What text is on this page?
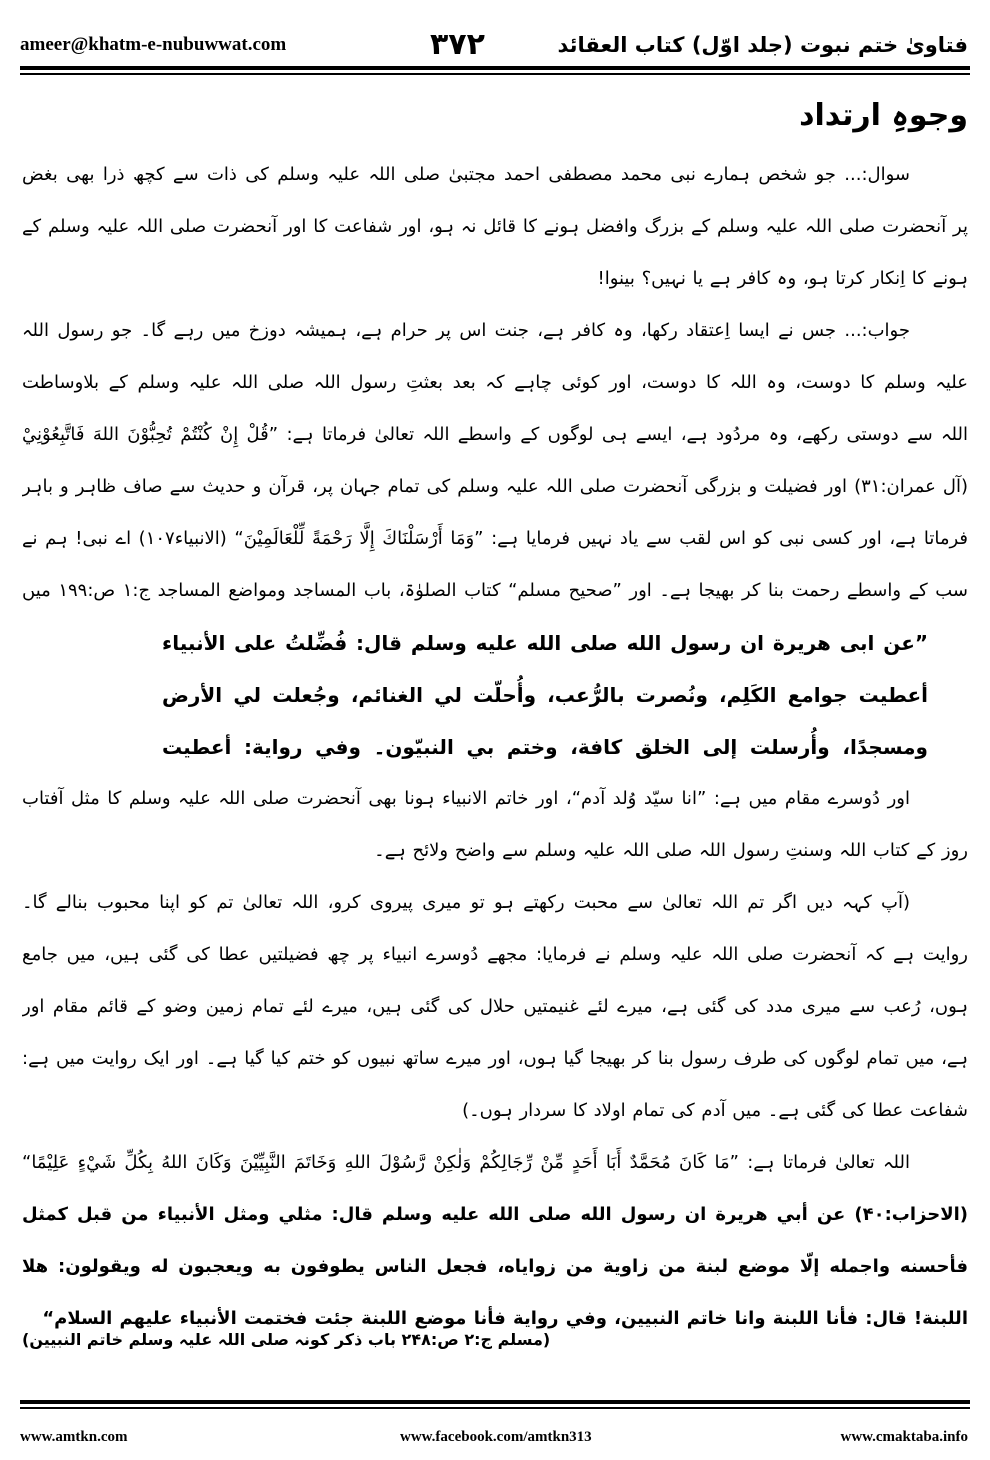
ameer@khatm-e-nubuwwat.com	۳۷۲	فتاویٰ ختم نبوت (جلد اوّل) کتاب العقائد
وجوہِ ارتداد
سوال:... جو شخص ہمارے نبی محمد مصطفی احمد مجتبیٰ صلی اللہ علیہ وسلم کی ذات سے کچھ ذرا بھی بغض
پر آنحضرت صلی اللہ علیہ وسلم کے بزرگ وافضل ہونے کا قائل نہ ہو، اور شفاعت کا اور آنحضرت صلی اللہ علیہ وسلم کے
ہونے کا اِنکار کرتا ہو، وہ کافر ہے یا نہیں؟ بینوا!
جواب:... جس نے ایسا اِعتقاد رکھا، وہ کافر ہے، جنت اس پر حرام ہے، ہمیشہ دوزخ میں رہے گا۔ جو رسول اللہ
علیہ وسلم کا دوست، وہ اللہ کا دوست، اور کوئی چاہے کہ بعد بعثتِ رسول اللہ صلی اللہ علیہ وسلم کے بلاوساطت
اللہ سے دوستی رکھے، وہ مردُود ہے، ایسے ہی لوگوں کے واسطے اللہ تعالیٰ فرماتا ہے: ”قُلْ إِنْ كُنْتُمْ تُحِبُّوْنَ اللهَ فَاتَّبِعُوْنِيْ
(آل عمران:۳۱) اور فضیلت و بزرگی آنحضرت صلی اللہ علیہ وسلم کی تمام جہان پر، قرآن و حدیث سے صاف ظاہر و باہر
فرماتا ہے، اور کسی نبی کو اس لقب سے یاد نہیں فرمایا ہے: ”وَمَا أَرْسَلْنَاكَ إِلَّا رَحْمَةً لِّلْعَالَمِيْنَ“ (الانبیاء۱۰۷) اے نبی! ہم نے
سب کے واسطے رحمت بنا کر بھیجا ہے۔ اور ”صحیح مسلم“ کتاب الصلوٰۃ، باب المساجد ومواضع المساجد ج:۱ ص:۱۹۹ میں
”عن ابی هريرة ان رسول الله صلى الله عليه وسلم قال: فُضِّلتُ على الأنبياء
أعطيت جوامع الكَلِم، ونُصرت بالرُّعب، وأُحلّت لي الغنائم، وجُعلت لي الأرض
ومسجدًا، وأُرسلت إلى الخلق كافة، وختم بي النبيّون۔ وفي رواية: أعطيت
اور دُوسرے مقام میں ہے: ”انا سیّد وُلد آدم“، اور خاتم الانبیاء ہونا بھی آنحضرت صلی اللہ علیہ وسلم کا مثل آفتاب
روز کے کتاب اللہ وسنتِ رسول اللہ صلی اللہ علیہ وسلم سے واضح ولائح ہے۔
(آپ کہہ دیں اگر تم اللہ تعالیٰ سے محبت رکھتے ہو تو میری پیروی کرو، اللہ تعالیٰ تم کو اپنا محبوب بنالے گا۔
روایت ہے کہ آنحضرت صلی اللہ علیہ وسلم نے فرمایا: مجھے دُوسرے انبیاء پر چھ فضیلتیں عطا کی گئی ہیں، میں جامع
ہوں، رُعب سے میری مدد کی گئی ہے، میرے لئے غنیمتیں حلال کی گئی ہیں، میرے لئے تمام زمین وضو کے قائم مقام اور
ہے، میں تمام لوگوں کی طرف رسول بنا کر بھیجا گیا ہوں، اور میرے ساتھ نبیوں کو ختم کیا گیا ہے۔ اور ایک روایت میں ہے:
شفاعت عطا کی گئی ہے۔ میں آدم کی تمام اولاد کا سردار ہوں۔)
اللہ تعالیٰ فرماتا ہے: ”مَا كَانَ مُحَمَّدٌ أَبَا أَحَدٍ مِّنْ رِّجَالِكُمْ وَلٰكِنْ رَّسُوْلَ اللهِ وَخَاتَمَ النَّبِيِّيْنَ وَكَانَ اللهُ بِكُلِّ شَيْءٍ عَلِيْمًا“
(الاحزاب:۴۰) عن أبي هريرة ان رسول الله صلى الله عليه وسلم قال: مثلي ومثل الأنبياء من قبل كمثل
فأحسنه واجمله إلّا موضع لبنة من زاوية من زواياه، فجعل الناس يطوفون به ويعجبون له ويقولون: هلا
اللبنة! قال: فأنا اللبنة وانا خاتم النبيين، وفي رواية فأنا موضع اللبنة جئت فختمت الأنبياء عليهم السلام“
(مسلم ج:۲ ص:۲۴۸ باب ذکر کونہ صلی اللہ علیہ وسلم خاتم النبیین)
www.amtkn.com	www.facebook.com/amtkn313	www.cmaktaba.info
